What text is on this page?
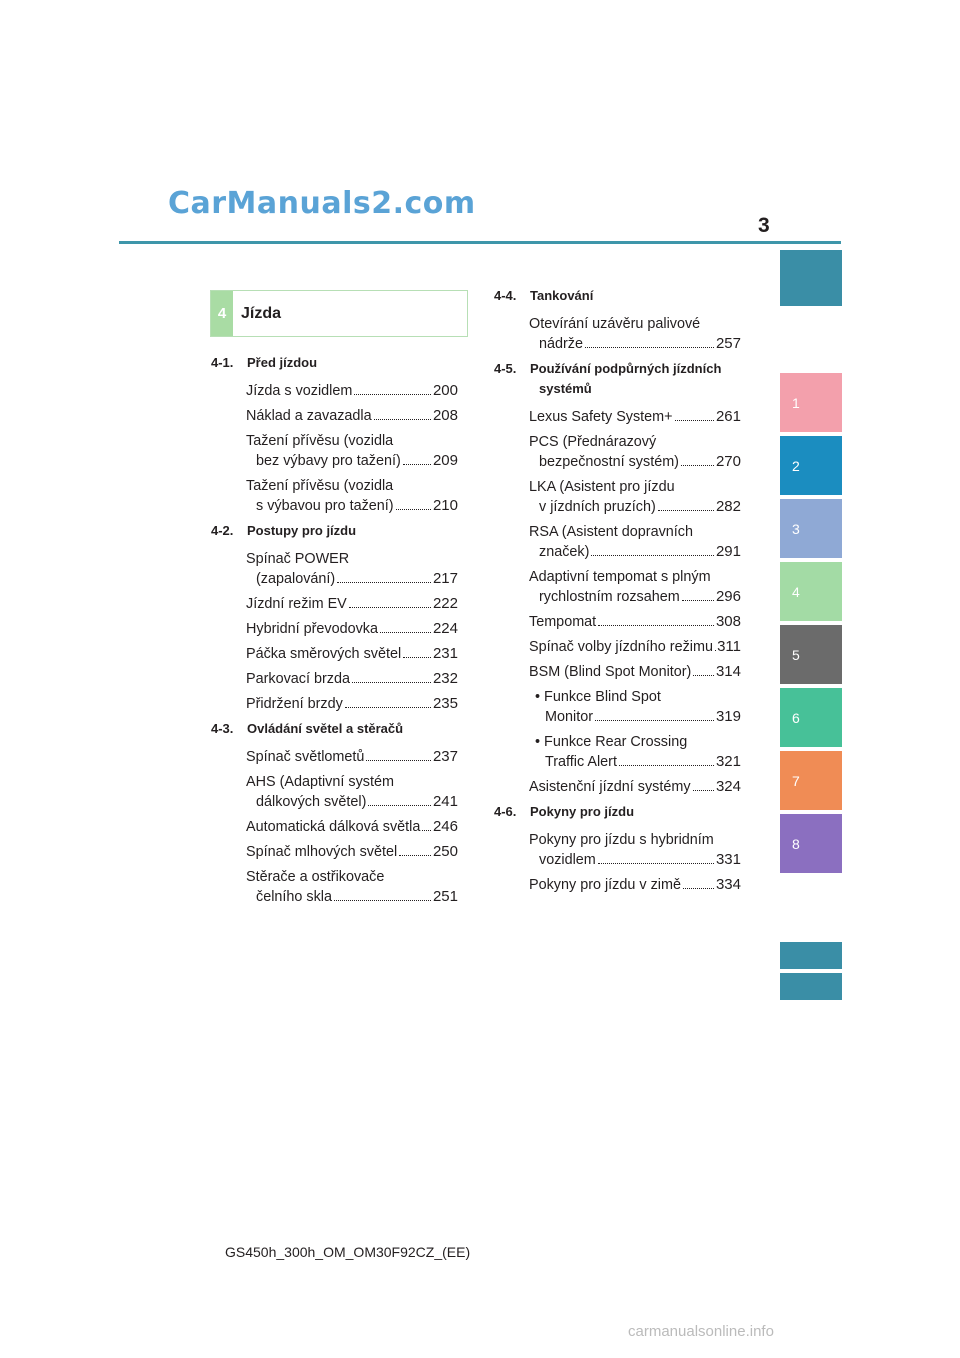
CarManuals2.com
3
1
2
3
4
5
6
7
8
4 Jízda
4-1. Před jízdou
Jízda s vozidlem	200
Náklad a zavazadla	208
Tažení přívěsu (vozidla
bez výbavy pro tažení) 209
Tažení přívěsu (vozidla
s výbavou pro tažení)	210
4-2. Postupy pro jízdu
Spínač POWER
(zapalování)	217
Jízdní režim EV	222
Hybridní převodovka	224
Páčka směrových světel 231
Parkovací brzda	232
Přidržení brzdy	235
4-3. Ovládání světel a stěračů
Spínač světlometů	237
AHS (Adaptivní systém
dálkových světel)	241
Automatická dálková světla 246
Spínač mlhových světel 250
Stěrače a ostřikovače
čelního skla	251
4-4. Tankování
Otevírání uzávěru palivové
nádrže	257
4-5. Používání podpůrných jízdních
systémů
Lexus Safety System+	261
PCS (Přednárazový
bezpečnostní systém) 270
LKA (Asistent pro jízdu
v jízdních pruzích)	282
RSA (Asistent dopravních
značek)	291
Adaptivní tempomat s plným
rychlostním rozsahem 296
Tempomat	308
Spínač volby jízdního režimu 311
BSM (Blind Spot Monitor) 314
• Funkce Blind Spot
Monitor	319
• Funkce Rear Crossing
Traffic Alert	321
Asistenční jízdní systémy 324
4-6. Pokyny pro jízdu
Pokyny pro jízdu s hybridním
vozidlem	331
Pokyny pro jízdu v zimě 334
GS450h_300h_OM_OM30F92CZ_(EE)
carmanualsonline.info
